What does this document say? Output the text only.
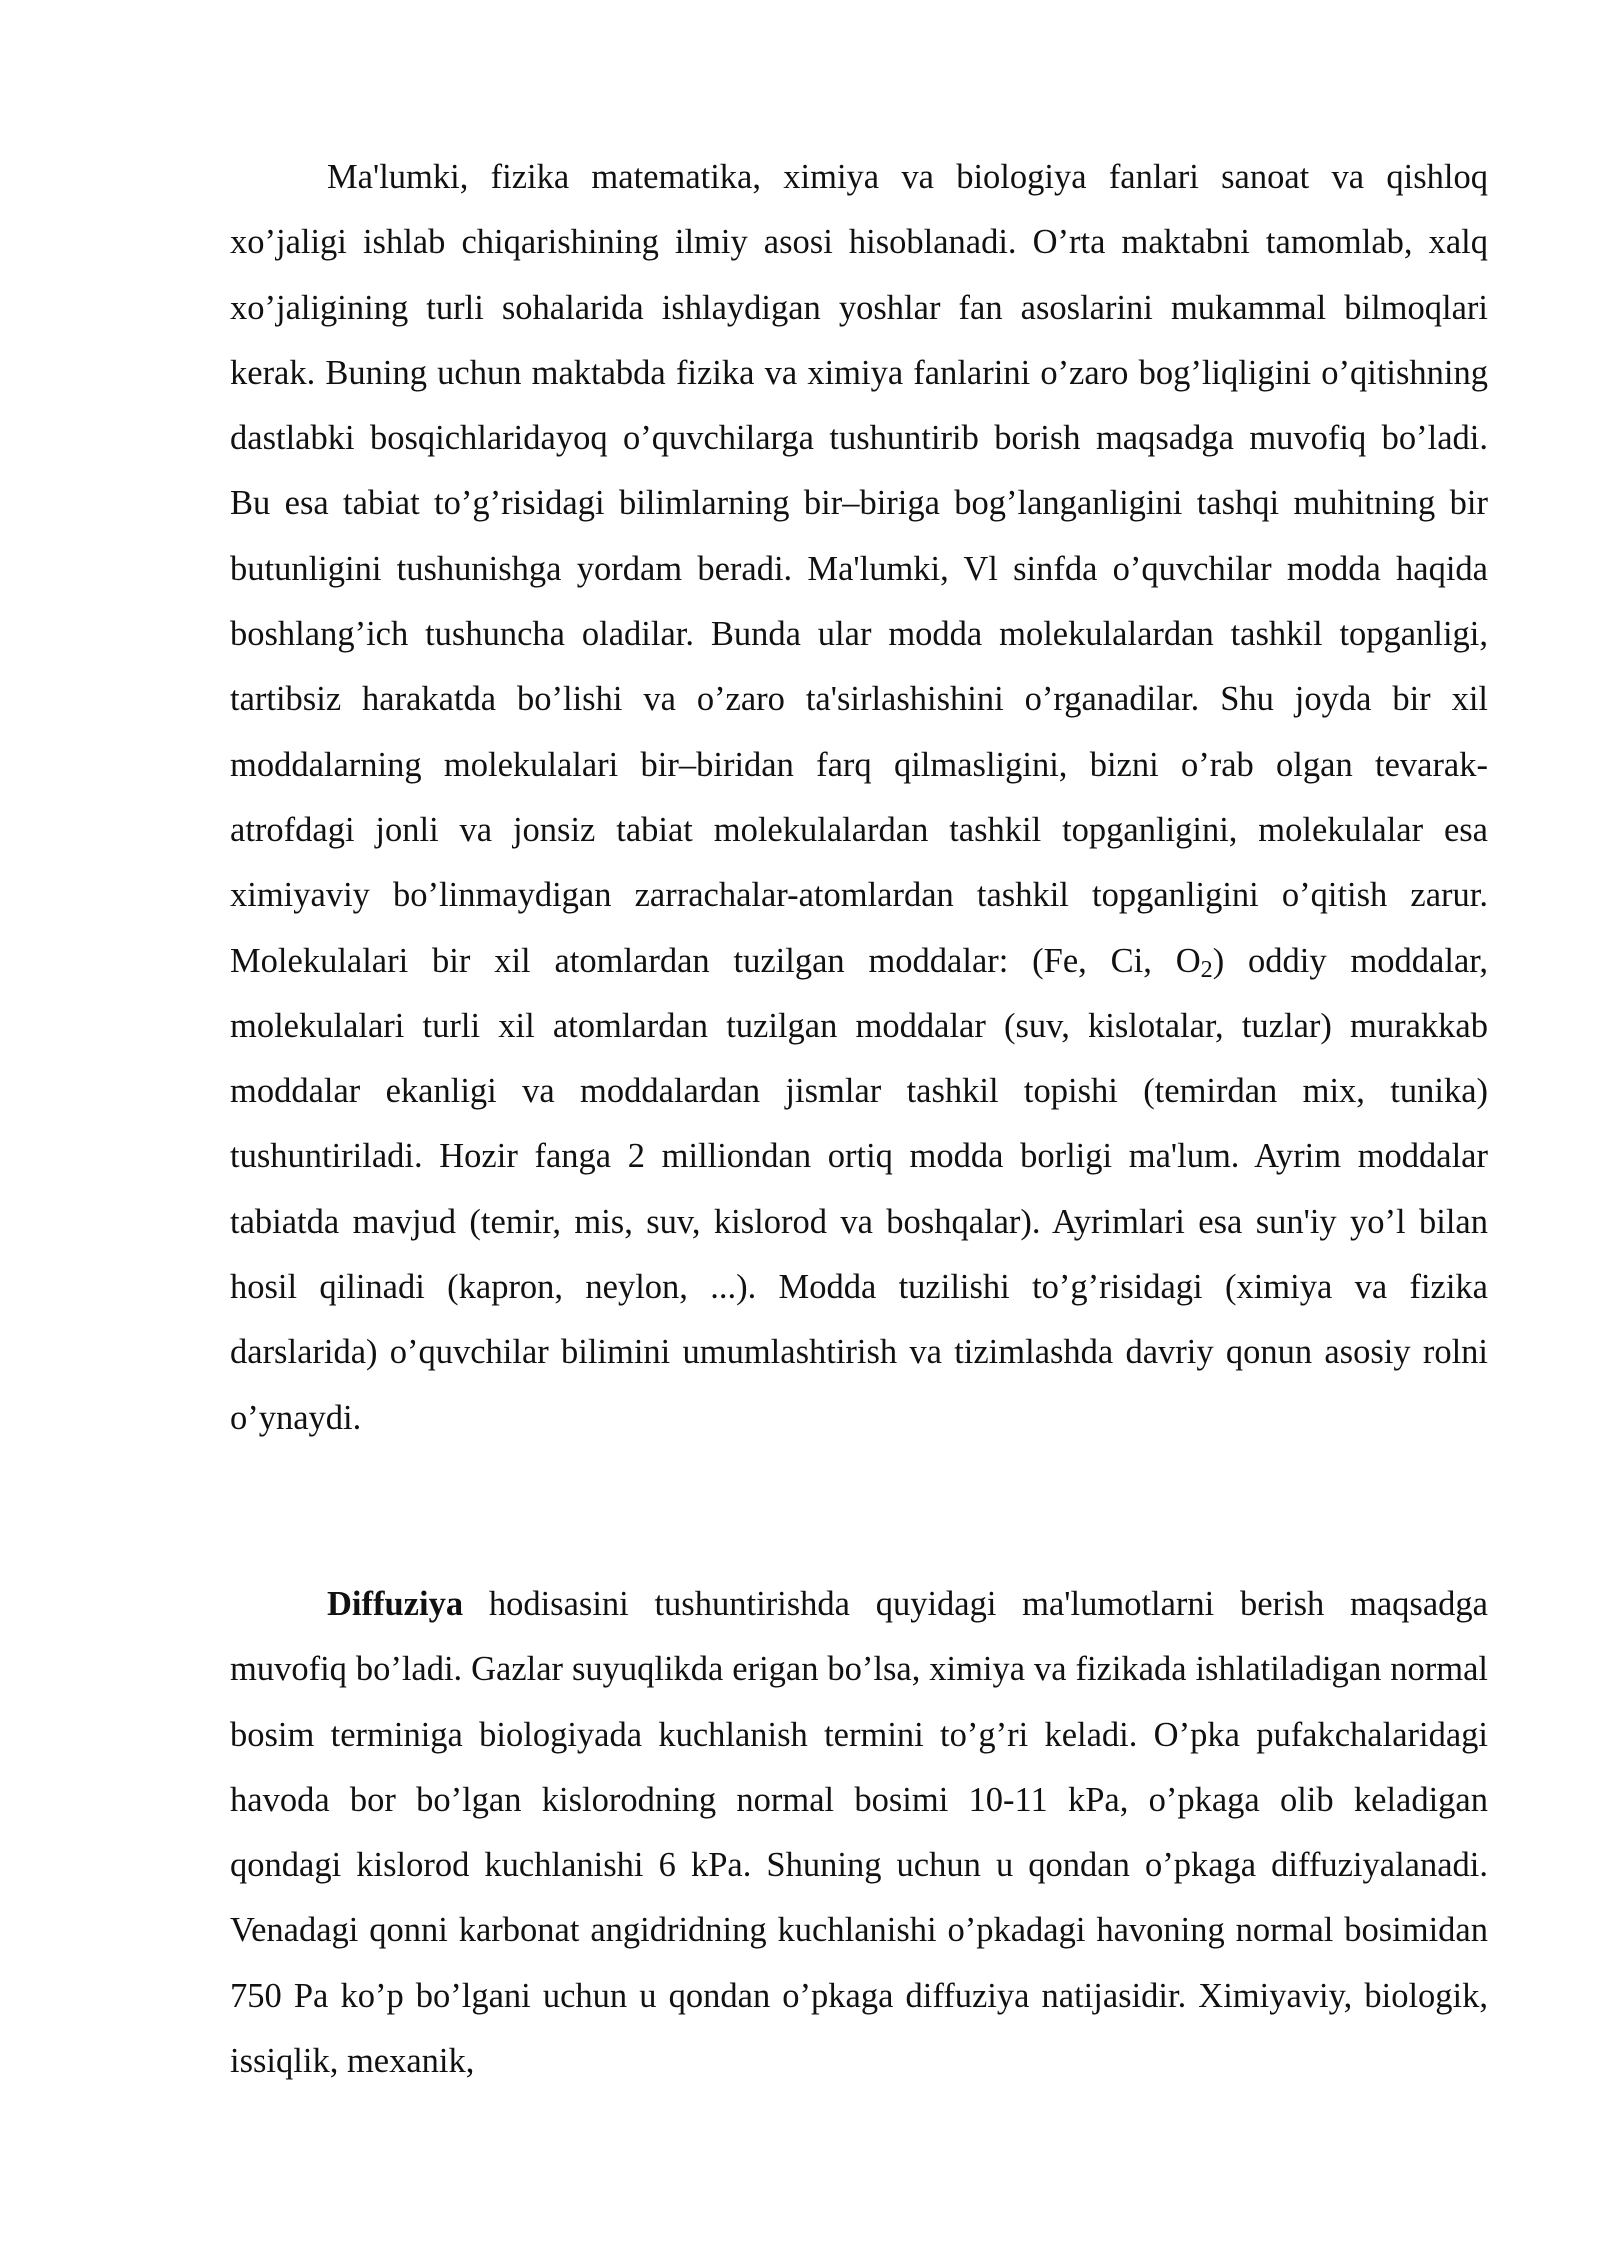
Ma'lumki, fizika matematika, ximiya va biologiya fanlari sanoat va qishloq xo’jaligi ishlab chiqarishining ilmiy asosi hisoblanadi. O’rta maktabni tamomlab, xalq xo’jaligining turli sohalarida ishlaydigan yoshlar fan asoslarini mukammal bilmoqlari kerak. Buning uchun maktabda fizika va ximiya fanlarini o’zaro bog’liqligini o’qitishning dastlabki bosqichlaridayoq o’quvchilarga tushuntirib borish maqsadga muvofiq bo’ladi. Bu esa tabiat to’g’risidagi bilimlarning bir–biriga bog’langanligini tashqi muhitning bir butunligini tushunishga yordam beradi. Ma'lumki, Vl sinfda o’quvchilar modda haqida boshlang’ich tushuncha oladilar. Bunda ular modda molekulalardan tashkil topganligi, tartibsiz harakatda bo’lishi va o’zaro ta'sirlashishini o’rganadilar. Shu joyda bir xil moddalarning molekulalari bir–biridan farq qilmasligini, bizni o’rab olgan tevarak-atrofdagi jonli va jonsiz tabiat molekulalardan tashkil topganligini, molekulalar esa ximiyaviy bo’linmaydigan zarrachalar-atomlardan tashkil topganligini o’qitish zarur. Molekulalari bir xil atomlardan tuzilgan moddalar: (Fe, Ci, $O_2$) oddiy moddalar, molekulalari turli xil atomlardan tuzilgan moddalar (suv, kislotalar, tuzlar) murakkab moddalar ekanligi va moddalardan jismlar tashkil topishi (temirdan mix, tunika) tushuntiriladi. Hozir fanga 2 milliondan ortiq modda borligi ma'lum. Ayrim moddalar tabiatda mavjud (temir, mis, suv, kislorod va boshqalar). Ayrimlari esa sun'iy yo’l bilan hosil qilinadi (kapron, neylon, ...). Modda tuzilishi to’g’risidagi (ximiya va fizika darslarida) o’quvchilar bilimini umumlashtirish va tizimlashda davriy qonun asosiy rolni o’ynaydi.

Diffuziya hodisasini tushuntirishda quyidagi ma'lumotlarni berish maqsadga muvofiq bo’ladi. Gazlar suyuqlikda erigan bo’lsa, ximiya va fizikada ishlatiladigan normal bosim terminiga biologiyada kuchlanish termini to’g’ri keladi. O’pka pufakchalaridagi havoda bor bo’lgan kislorodning normal bosimi 10-11 kPa, o’pkaga olib keladigan qondagi kislorod kuchlanishi 6 kPa. Shuning uchun u qondan o’pkaga diffuziyalanadi. Venadagi qonni karbonat angidridning kuchlanishi o’pkadagi havoning normal bosimidan 750 Pa ko’p bo’lgani uchun u qondan o’pkaga diffuziya natijasidir. Ximiyaviy, biologik, issiqlik, mexanik,
